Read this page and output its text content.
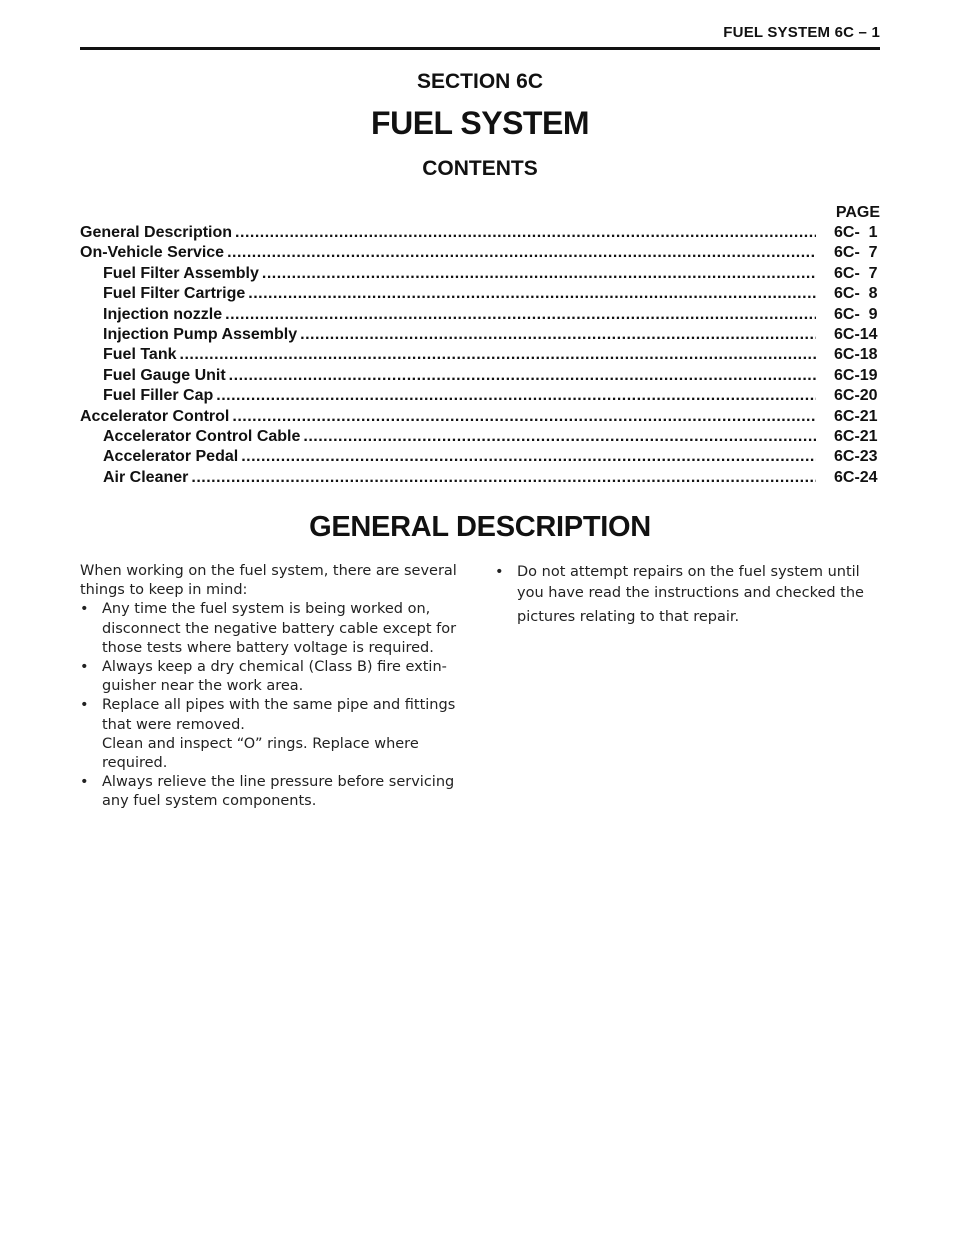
FUEL SYSTEM 6C – 1
SECTION 6C
FUEL SYSTEM
CONTENTS
PAGE
General Description .....	6C-  1
On-Vehicle Service .....	6C-  7
Fuel Filter Assembly .....	6C-  7
Fuel Filter Cartrige .....	6C-  8
Injection nozzle .....	6C-  9
Injection Pump Assembly .....	6C-14
Fuel Tank .....	6C-18
Fuel Gauge Unit .....	6C-19
Fuel Filler Cap .....	6C-20
Accelerator Control .....	6C-21
Accelerator Control Cable .....	6C-21
Accelerator Pedal .....	6C-23
Air Cleaner .....	6C-24
GENERAL DESCRIPTION

When working on the fuel system, there are several
things to keep in mind:

• Any time the fuel system is being worked on,
disconnect the negative battery cable except for
those tests where battery voltage is required.

• Always keep a dry chemical (Class B) fire extin-
guisher near the work area.

• Replace all pipes with the same pipe and fittings
that were removed.
Clean and inspect “O” rings. Replace where
required.

• Always relieve the line pressure before servicing
any fuel system components.

• Do not attempt repairs on the fuel system until
you have read the instructions and checked the
pictures relating to that repair.
